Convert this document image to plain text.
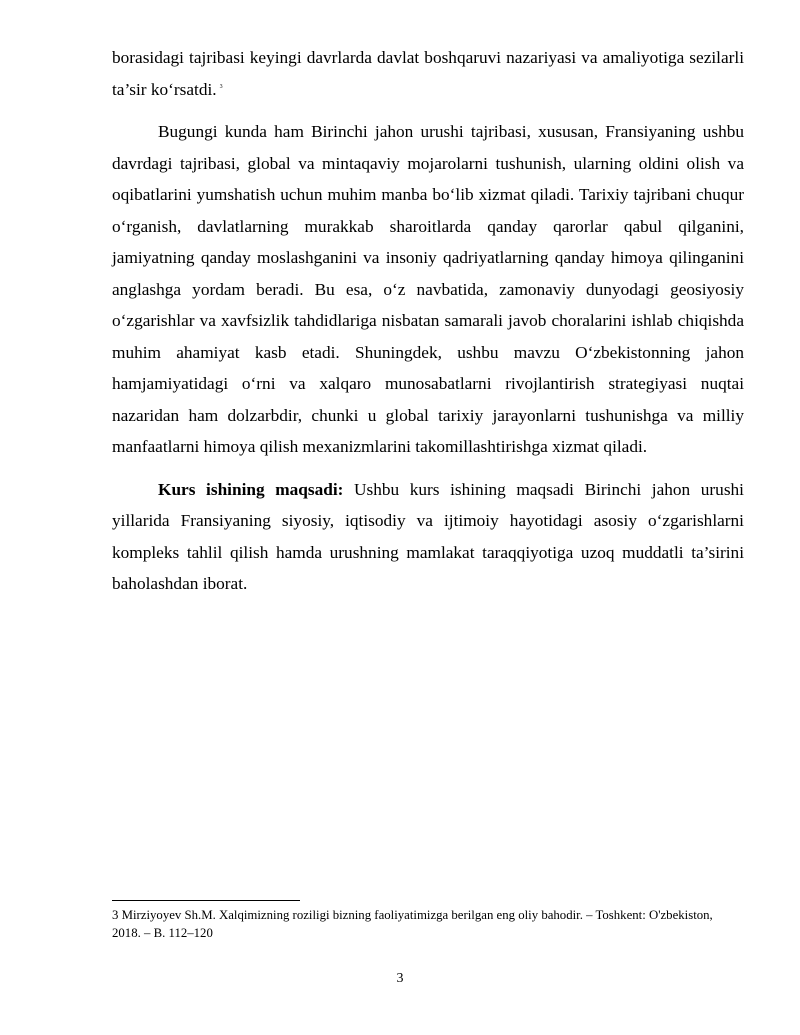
borasidagi tajribasi keyingi davrlarda davlat boshqaruvi nazariyasi va amaliyotiga sezilarli ta’sir ko‘rsatdi. $^3$

Bugungi kunda ham Birinchi jahon urushi tajribasi, xususan, Fransiyaning ushbu davrdagi tajribasi, global va mintaqaviy mojarolarni tushunish, ularning oldini olish va oqibatlarini yumshatish uchun muhim manba bo‘lib xizmat qiladi. Tarixiy tajribani chuqur o‘rganish, davlatlarning murakkab sharoitlarda qanday qarorlar qabul qilganini, jamiyatning qanday moslashganini va insoniy qadriyatlarning qanday himoya qilinganini anglashga yordam beradi. Bu esa, o‘z navbatida, zamonaviy dunyodagi geosiyosiy o‘zgarishlar va xavfsizlik tahdidlariga nisbatan samarali javob choralarini ishlab chiqishda muhim ahamiyat kasb etadi. Shuningdek, ushbu mavzu O‘zbekistonning jahon hamjamiyatidagi o‘rni va xalqaro munosabatlarni rivojlantirish strategiyasi nuqtai nazaridan ham dolzarbdir, chunki u global tarixiy jarayonlarni tushunishga va milliy manfaatlarni himoya qilish mexanizmlarini takomillashtirishga xizmat qiladi.

Kurs ishining maqsadi: Ushbu kurs ishining maqsadi Birinchi jahon urushi yillarida Fransiyaning siyosiy, iqtisodiy va ijtimoiy hayotidagi asosiy o‘zgarishlarni kompleks tahlil qilish hamda urushning mamlakat taraqqiyotiga uzoq muddatli ta’sirini baholashdan iborat.

3 Mirziyoyev Sh.M. Xalqimizning roziligi bizning faoliyatimizga berilgan eng oliy bahodir. – Toshkent: O'zbekiston, 2018. – B. 112–120

3
